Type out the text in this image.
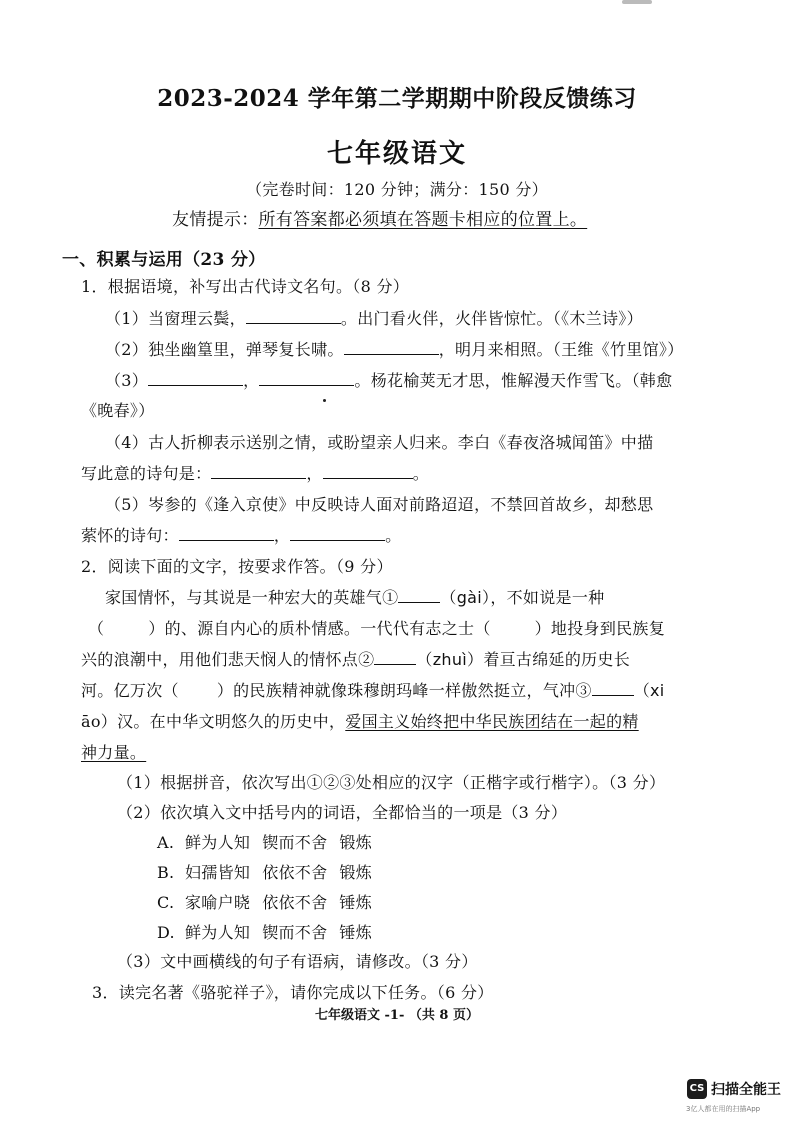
2023-2024 学年第二学期期中阶段反馈练习
七年级语文
（完卷时间：120 分钟；满分：150 分）
友情提示：所有答案都必须填在答题卡相应的位置上。
一、积累与运用（23 分）
1．根据语境，补写出古代诗文名句。（8 分）
（1）当窗理云鬓，	。出门看火伴，火伴皆惊忙。（《木兰诗》）
（2）独坐幽篁里，弹琴复长啸。	，明月来相照。（王维《竹里馆》）
（3）	，	。杨花榆荚无才思，惟解漫天作雪飞。（韩愈
《晚春》）
（4）古人折柳表示送别之情，或盼望亲人归来。李白《春夜洛城闻笛》中描
写此意的诗句是：	，	。
（5）岑参的《逢入京使》中反映诗人面对前路迢迢，不禁回首故乡，却愁思
萦怀的诗句：	，	。
2．阅读下面的文字，按要求作答。（9 分）
家国情怀，与其说是一种宏大的英雄气①	（gài），不如说是一种
（	）的、源自内心的质朴情感。一代代有志之士（	）地投身到民族复
兴的浪潮中，用他们悲天悯人的情怀点②	（zhuì）着亘古绵延的历史长
河。亿万次（ ）的民族精神就像珠穆朗玛峰一样傲然挺立，气冲③	（xi
āo）汉。在中华文明悠久的历史中，爱国主义始终把中华民族团结在一起的精
神力量。
（1）根据拼音，依次写出①②③处相应的汉字（正楷字或行楷字）。（3 分）
（2）依次填入文中括号内的词语，全都恰当的一项是（3 分）
A. 鲜为人知 锲而不舍 锻炼
B. 妇孺皆知 依依不舍 锻炼
C. 家喻户晓 依依不舍 锤炼
D. 鲜为人知 锲而不舍 锤炼
（3）文中画横线的句子有语病，请修改。（3 分）
3．读完名著《骆驼祥子》，请你完成以下任务。（6 分）
七年级语文 -1- （共 8 页）
CS 扫描全能王
3亿人都在用的扫描App
